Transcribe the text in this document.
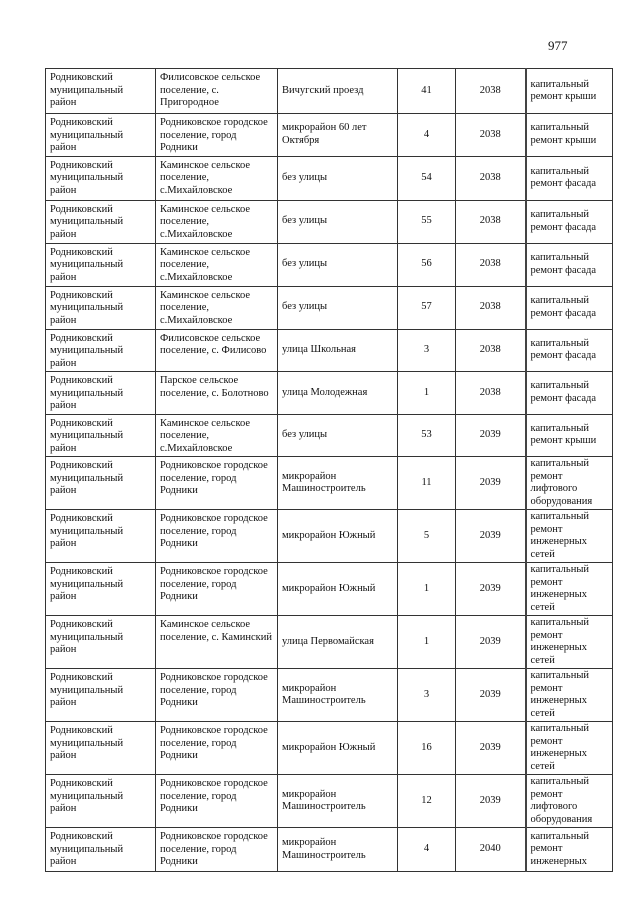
977
Родниковский муниципальный район	Филисовское сельское поселение, с. Пригородное	Вичугский проезд	41	2038	капитальный ремонт крыши
Родниковский муниципальный район	Родниковское городское поселение, город Родники	микрорайон 60 лет Октября	4	2038	капитальный ремонт крыши
Родниковский муниципальный район	Каминское сельское поселение, с.Михайловское	без улицы	54	2038	капитальный ремонт фасада
Родниковский муниципальный район	Каминское сельское поселение, с.Михайловское	без улицы	55	2038	капитальный ремонт фасада
Родниковский муниципальный район	Каминское сельское поселение, с.Михайловское	без улицы	56	2038	капитальный ремонт фасада
Родниковский муниципальный район	Каминское сельское поселение, с.Михайловское	без улицы	57	2038	капитальный ремонт фасада
Родниковский муниципальный район	Филисовское сельское поселение, с. Филисово	улица Школьная	3	2038	капитальный ремонт фасада
Родниковский муниципальный район	Парское сельское поселение, с. Болотново	улица Молодежная	1	2038	капитальный ремонт фасада
Родниковский муниципальный район	Каминское сельское поселение, с.Михайловское	без улицы	53	2039	капитальный ремонт крыши
Родниковский муниципальный район	Родниковское городское поселение, город Родники	микрорайон Машиностроитель	11	2039	капитальный ремонт лифтового оборудования
Родниковский муниципальный район	Родниковское городское поселение, город Родники	микрорайон Южный	5	2039	капитальный ремонт инженерных сетей
Родниковский муниципальный район	Родниковское городское поселение, город Родники	микрорайон Южный	1	2039	капитальный ремонт инженерных сетей
Родниковский муниципальный район	Каминское сельское поселение, с. Каминский	улица Первомайская	1	2039	капитальный ремонт инженерных сетей
Родниковский муниципальный район	Родниковское городское поселение, город Родники	микрорайон Машиностроитель	3	2039	капитальный ремонт инженерных сетей
Родниковский муниципальный район	Родниковское городское поселение, город Родники	микрорайон Южный	16	2039	капитальный ремонт инженерных сетей
Родниковский муниципальный район	Родниковское городское поселение, город Родники	микрорайон Машиностроитель	12	2039	капитальный ремонт лифтового оборудования
Родниковский муниципальный район	Родниковское городское поселение, город Родники	микрорайон Машиностроитель	4	2040	капитальный ремонт инженерных
